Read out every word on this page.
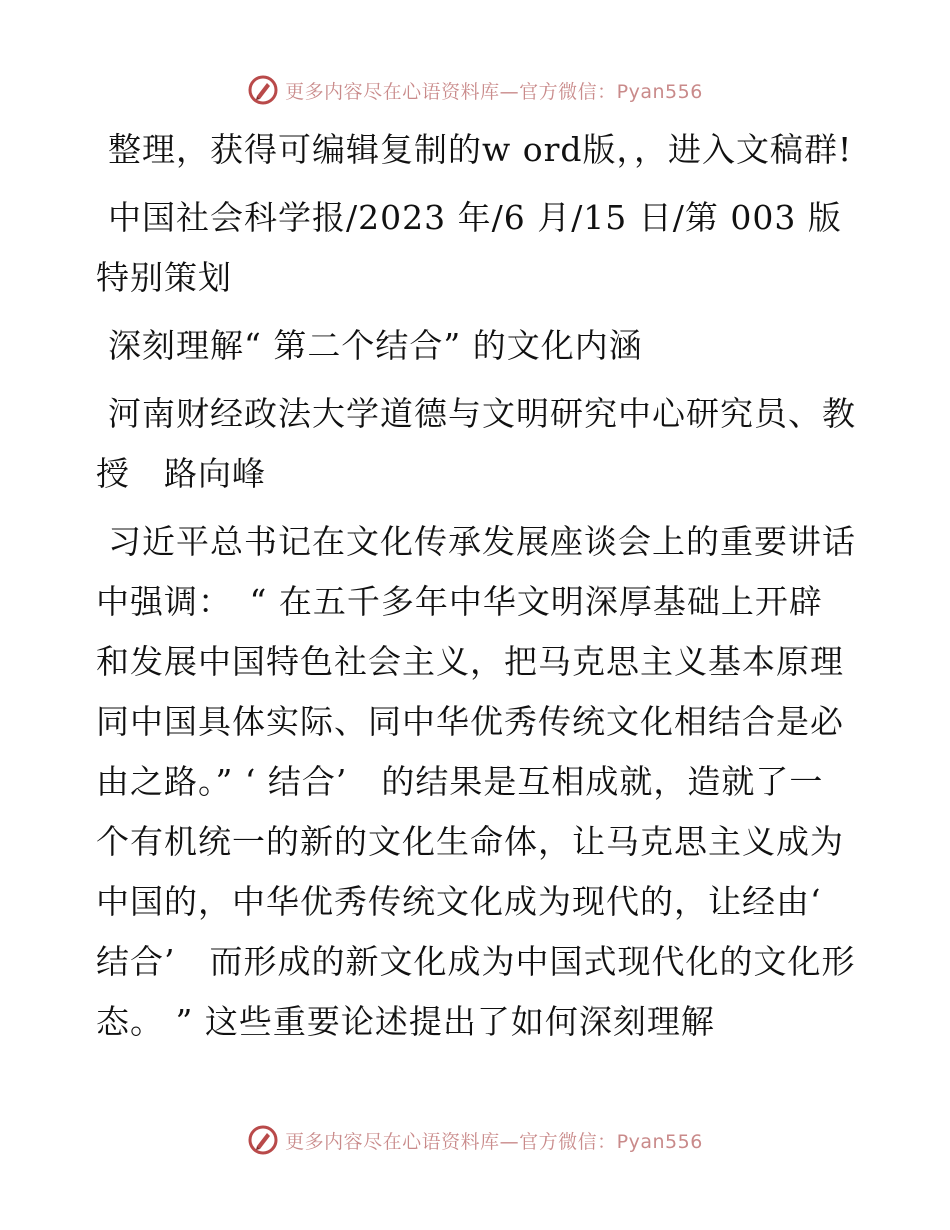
更多内容尽在心语资料库—官方微信：Pyan556

整理，获得可编辑复制的w ord版，，进入文稿群!

中国社会科学报/2023 年/6 月/15 日/第 003 版特别策划

深刻理解“ 第二个结合” 的文化内涵

河南财经政法大学道德与文明研究中心研究员、教授　路向峰

习近平总书记在文化传承发展座谈会上的重要讲话中强调：　“ 在五千多年中华文明深厚基础上开辟和发展中国特色社会主义，把马克思主义基本原理同中国具体实际、同中华优秀传统文化相结合是必由之路。” ‘ 结合’　的结果是互相成就，造就了一个有机统一的新的文化生命体，让马克思主义成为中国的，中华优秀传统文化成为现代的，让经由‘ 结合’　而形成的新文化成为中国式现代化的文化形态。 ” 这些重要论述提出了如何深刻理解

更多内容尽在心语资料库—官方微信：Pyan556
